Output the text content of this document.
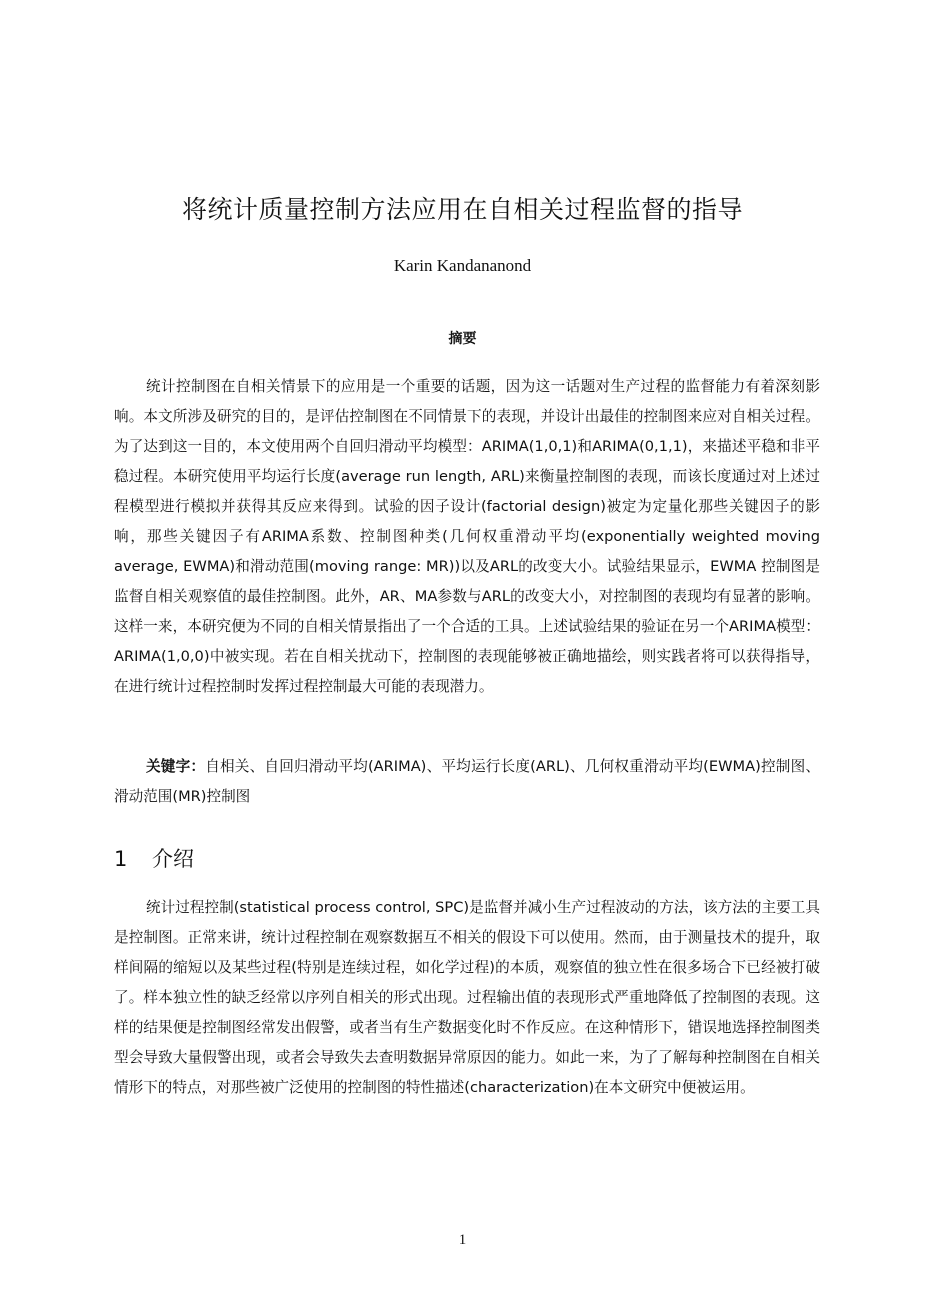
将统计质量控制方法应用在自相关过程监督的指导
Karin Kandananond
摘要

统计控制图在自相关情景下的应用是一个重要的话题，因为这一话题对生产过程的监督能力有着深刻影响。本文所涉及研究的目的，是评估控制图在不同情景下的表现，并设计出最佳的控制图来应对自相关过程。为了达到这一目的，本文使用两个自回归滑动平均模型：ARIMA(1,0,1)和ARIMA(0,1,1)，来描述平稳和非平稳过程。本研究使用平均运行长度(average run length, ARL)来衡量控制图的表现，而该长度通过对上述过程模型进行模拟并获得其反应来得到。试验的因子设计(factorial design)被定为定量化那些关键因子的影响，那些关键因子有ARIMA系数、控制图种类(几何权重滑动平均(exponentially weighted moving average, EWMA)和滑动范围(moving range: MR))以及ARL的改变大小。试验结果显示，EWMA 控制图是监督自相关观察值的最佳控制图。此外，AR、MA参数与ARL的改变大小，对控制图的表现均有显著的影响。这样一来，本研究便为不同的自相关情景指出了一个合适的工具。上述试验结果的验证在另一个ARIMA模型：ARIMA(1,0,0)中被实现。若在自相关扰动下，控制图的表现能够被正确地描绘，则实践者将可以获得指导，在进行统计过程控制时发挥过程控制最大可能的表现潜力。

关键字：自相关、自回归滑动平均(ARIMA)、平均运行长度(ARL)、几何权重滑动平均(EWMA)控制图、滑动范围(MR)控制图

1 介绍

统计过程控制(statistical process control, SPC)是监督并减小生产过程波动的方法，该方法的主要工具是控制图。正常来讲，统计过程控制在观察数据互不相关的假设下可以使用。然而，由于测量技术的提升，取样间隔的缩短以及某些过程(特别是连续过程，如化学过程)的本质，观察值的独立性在很多场合下已经被打破了。样本独立性的缺乏经常以序列自相关的形式出现。过程输出值的表现形式严重地降低了控制图的表现。这样的结果便是控制图经常发出假警，或者当有生产数据变化时不作反应。在这种情形下，错误地选择控制图类型会导致大量假警出现，或者会导致失去查明数据异常原因的能力。如此一来，为了了解每种控制图在自相关情形下的特点，对那些被广泛使用的控制图的特性描述(characterization)在本文研究中便被运用。

1
